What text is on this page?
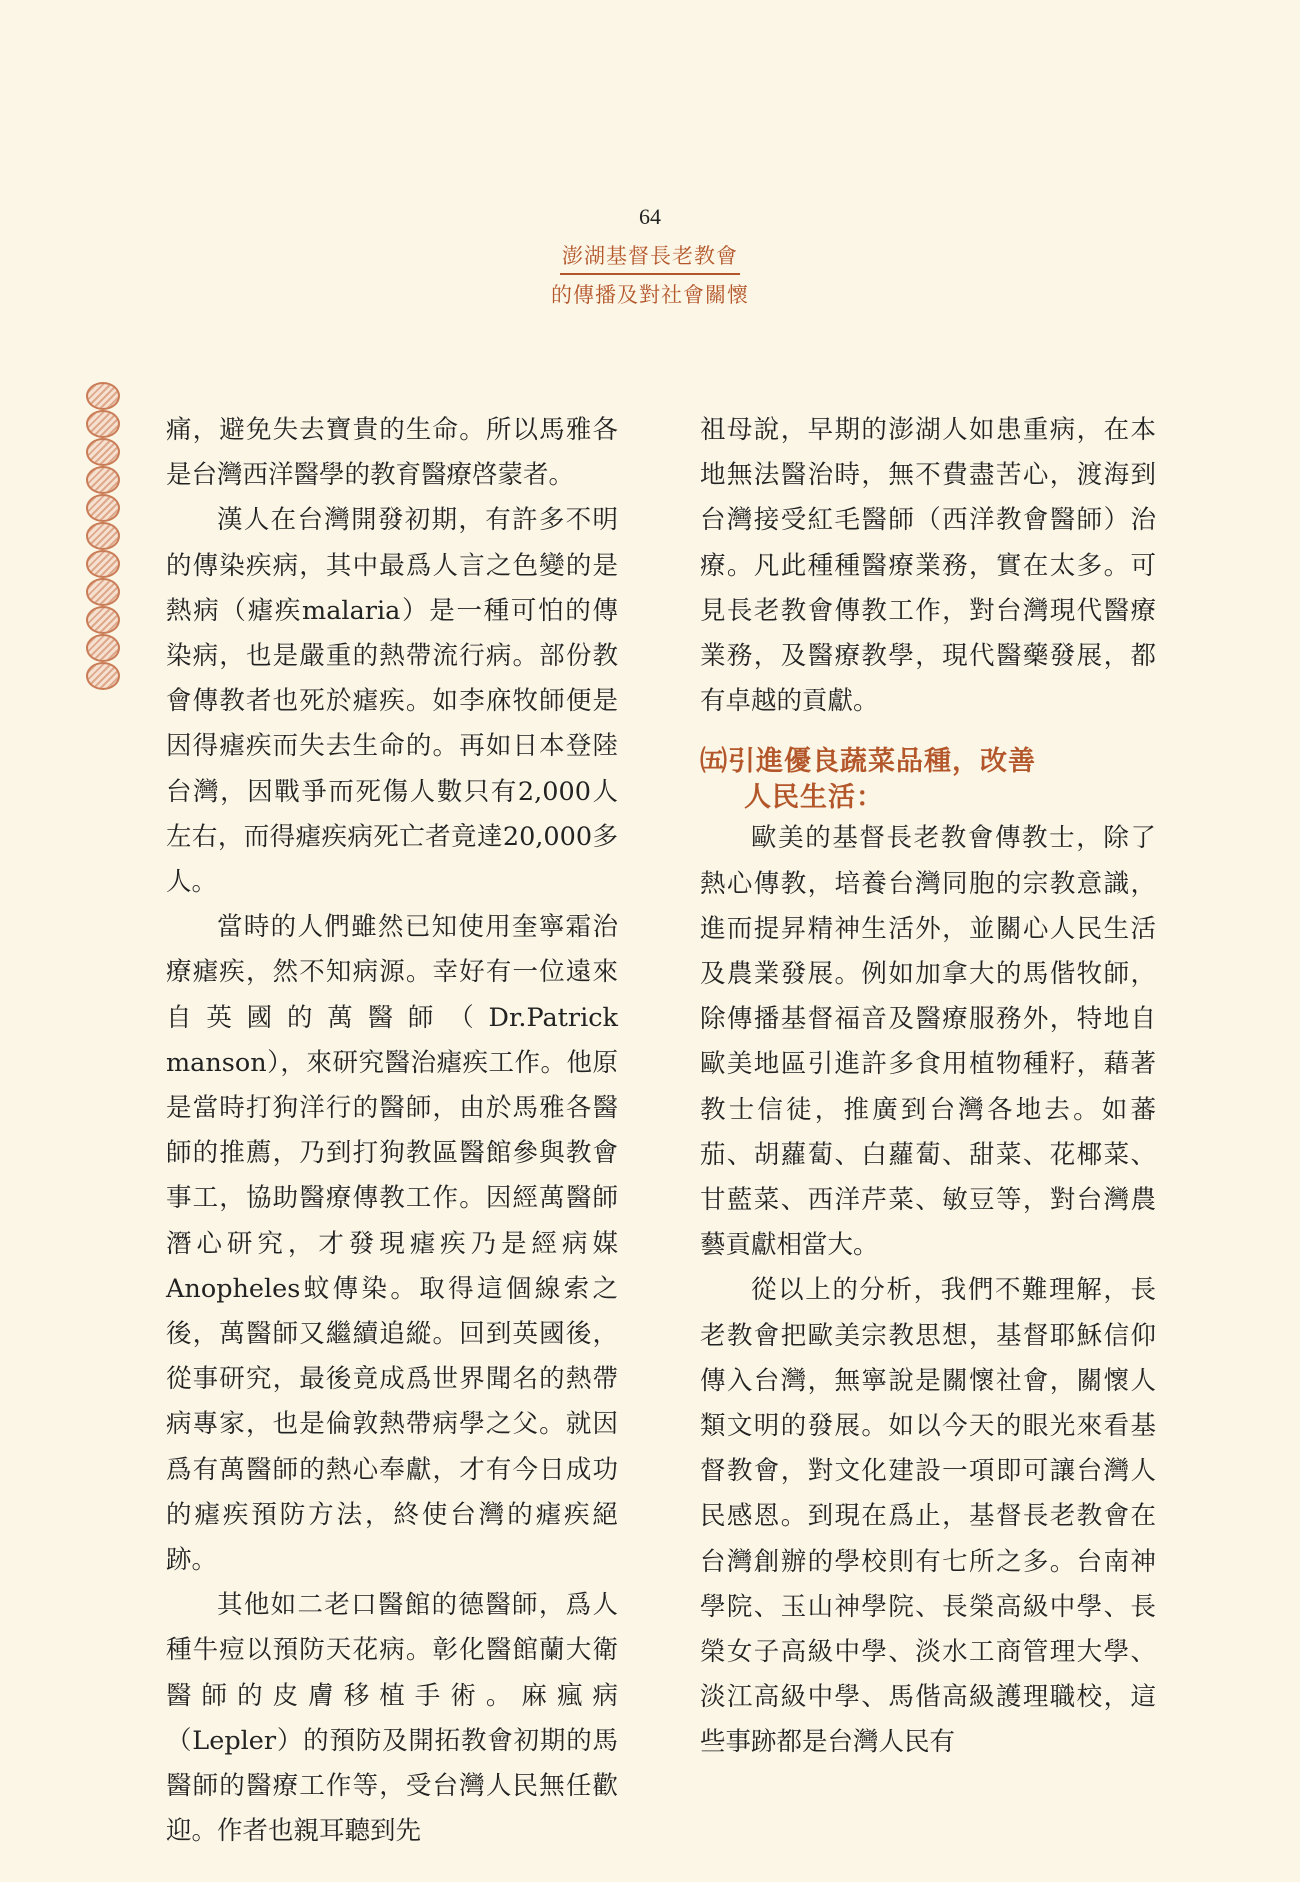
64
澎湖基督長老教會
的傳播及對社會關懷

痛，避免失去寶貴的生命。所以馬雅各是台灣西洋醫學的教育醫療啓蒙者。

漢人在台灣開發初期，有許多不明的傳染疾病，其中最爲人言之色變的是熱病（瘧疾malaria）是一種可怕的傳染病，也是嚴重的熱帶流行病。部份教會傳教者也死於瘧疾。如李庥牧師便是因得瘧疾而失去生命的。再如日本登陸台灣，因戰爭而死傷人數只有2,000人左右，而得瘧疾病死亡者竟達20,000多人。

當時的人們雖然已知使用奎寧霜治療瘧疾，然不知病源。幸好有一位遠來自英國的萬醫師（Dr.Patrick manson），來研究醫治瘧疾工作。他原是當時打狗洋行的醫師，由於馬雅各醫師的推薦，乃到打狗教區醫館參與教會事工，協助醫療傳教工作。因經萬醫師潛心研究，才發現瘧疾乃是經病媒Anopheles蚊傳染。取得這個線索之後，萬醫師又繼續追縱。回到英國後，從事研究，最後竟成爲世界聞名的熱帶病專家，也是倫敦熱帶病學之父。就因爲有萬醫師的熱心奉獻，才有今日成功的瘧疾預防方法，終使台灣的瘧疾絕跡。

其他如二老口醫館的德醫師，爲人種牛痘以預防天花病。彰化醫館蘭大衛醫師的皮膚移植手術。麻瘋病（Lepler）的預防及開拓教會初期的馬醫師的醫療工作等，受台灣人民無任歡迎。作者也親耳聽到先

祖母說，早期的澎湖人如患重病，在本地無法醫治時，無不費盡苦心，渡海到台灣接受紅毛醫師（西洋教會醫師）治療。凡此種種醫療業務，實在太多。可見長老教會傳教工作，對台灣現代醫療業務，及醫療教學，現代醫藥發展，都有卓越的貢獻。

㈤引進優良蔬菜品種，改善
人民生活：

歐美的基督長老教會傳教士，除了熱心傳教，培養台灣同胞的宗教意識，進而提昇精神生活外，並關心人民生活及農業發展。例如加拿大的馬偕牧師，除傳播基督福音及醫療服務外，特地自歐美地區引進許多食用植物種籽，藉著教士信徒，推廣到台灣各地去。如蕃茄、胡蘿蔔、白蘿蔔、甜菜、花椰菜、甘藍菜、西洋芹菜、敏豆等，對台灣農藝貢獻相當大。

從以上的分析，我們不難理解，長老教會把歐美宗教思想，基督耶穌信仰傳入台灣，無寧說是關懷社會，關懷人類文明的發展。如以今天的眼光來看基督教會，對文化建設一項即可讓台灣人民感恩。到現在爲止，基督長老教會在台灣創辦的學校則有七所之多。台南神學院、玉山神學院、長榮高級中學、長榮女子高級中學、淡水工商管理大學、淡江高級中學、馬偕高級護理職校，這些事跡都是台灣人民有
